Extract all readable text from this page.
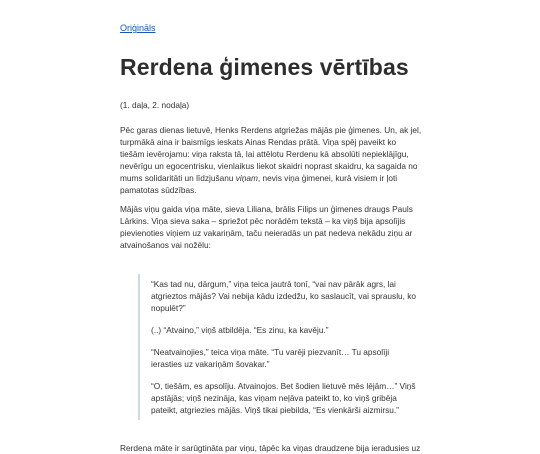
Oriģināls
Rerdena ģimenes vērtības

(1. daļa, 2. nodaļa)

Pēc garas dienas lietuvē, Henks Rerdens atgriežas mājās pie ģimenes. Un, ak jel, turpmākā aina ir baismīgs ieskats Ainas Rendas prātā. Viņa spēj paveikt ko tiešām ievērojamu: viņa raksta tā, lai attēlotu Rerdenu kā absolūti nepieklājīgu, nevērīgu un egocentrisku, vienlaikus liekot skaidri noprast skaidru, ka sagaida no mums solidaritāti un līdzjušanu viņam, nevis viņa ģimenei, kurā visiem ir ļoti pamatotas sūdzības.

Mājās viņu gaida viņa māte, sieva Liliana, brālis Filips un ģimenes draugs Pauls Lārkins. Viņa sieva saka – spriežot pēc norādēm tekstā – ka viņš bija apsolījis pievienoties viņiem uz vakariņām, taču neieradās un pat nedeva nekādu ziņu ar atvainošanos vai nožēlu:

“Kas tad nu, dārgum,” viņa teica jautrā tonī, “vai nav pārāk agrs, lai atgrieztos mājās? Vai nebija kādu izdedžu, ko saslaucīt, vai sprauslu, ko nopulēt?”

(..) “Atvaino,” viņš atbildēja. “Es zinu, ka kavēju.”

“Neatvainojies,” teica viņa māte. “Tu varēji piezvanīt… Tu apsolīji ierasties uz vakariņām šovakar.”

“O, tiešām, es apsolīju. Atvainojos. Bet šodien lietuvē mēs lējām…” Viņš apstājās; viņš nezināja, kas viņam neļāva pateikt to, ko viņš gribēja pateikt, atgriezies mājās. Viņš tikai piebilda, “Es vienkārši aizmirsu.”

Rerdena māte ir sarūgtināta par viņu, tāpēc ka viņas draudzene bija ieradusies uz
